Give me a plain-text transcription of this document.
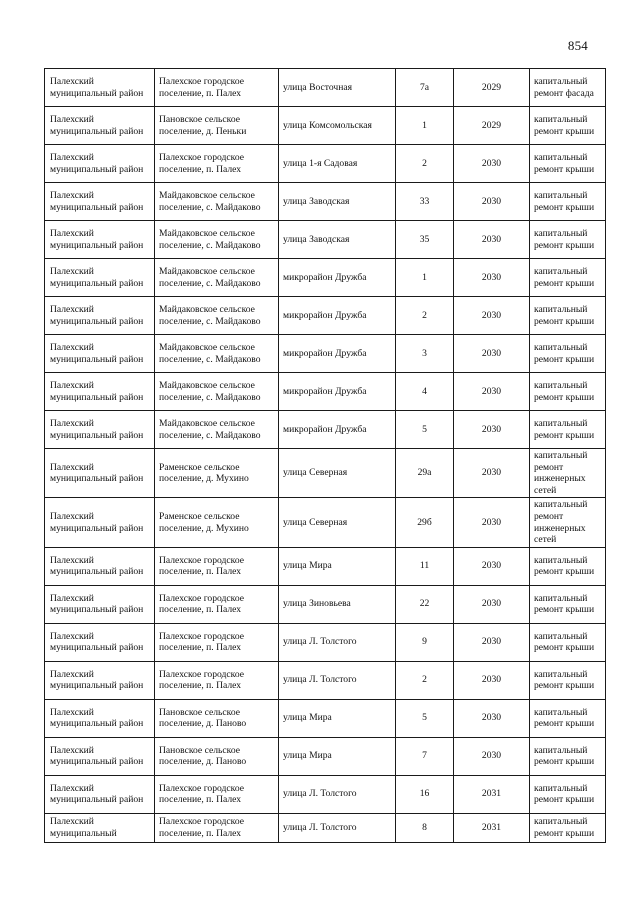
854
Палехский муниципальный район	Палехское городское поселение, п. Палех	улица Восточная	7а	2029	капитальный ремонт фасада
Палехский муниципальный район	Пановское сельское поселение, д. Пеньки	улица Комсомольская	1	2029	капитальный ремонт крыши
Палехский муниципальный район	Палехское городское поселение, п. Палех	улица 1-я Садовая	2	2030	капитальный ремонт крыши
Палехский муниципальный район	Майдаковское сельское поселение, с. Майдаково	улица Заводская	33	2030	капитальный ремонт крыши
Палехский муниципальный район	Майдаковское сельское поселение, с. Майдаково	улица Заводская	35	2030	капитальный ремонт крыши
Палехский муниципальный район	Майдаковское сельское поселение, с. Майдаково	микрорайон Дружба	1	2030	капитальный ремонт крыши
Палехский муниципальный район	Майдаковское сельское поселение, с. Майдаково	микрорайон Дружба	2	2030	капитальный ремонт крыши
Палехский муниципальный район	Майдаковское сельское поселение, с. Майдаково	микрорайон Дружба	3	2030	капитальный ремонт крыши
Палехский муниципальный район	Майдаковское сельское поселение, с. Майдаково	микрорайон Дружба	4	2030	капитальный ремонт крыши
Палехский муниципальный район	Майдаковское сельское поселение, с. Майдаково	микрорайон Дружба	5	2030	капитальный ремонт крыши
Палехский муниципальный район	Раменское сельское поселение, д. Мухино	улица Северная	29а	2030	капитальный ремонт инженерных сетей
Палехский муниципальный район	Раменское сельское поселение, д. Мухино	улица Северная	29б	2030	капитальный ремонт инженерных сетей
Палехский муниципальный район	Палехское городское поселение, п. Палех	улица Мира	11	2030	капитальный ремонт крыши
Палехский муниципальный район	Палехское городское поселение, п. Палех	улица Зиновьева	22	2030	капитальный ремонт крыши
Палехский муниципальный район	Палехское городское поселение, п. Палех	улица Л. Толстого	9	2030	капитальный ремонт крыши
Палехский муниципальный район	Палехское городское поселение, п. Палех	улица Л. Толстого	2	2030	капитальный ремонт крыши
Палехский муниципальный район	Пановское сельское поселение, д. Паново	улица Мира	5	2030	капитальный ремонт крыши
Палехский муниципальный район	Пановское сельское поселение, д. Паново	улица Мира	7	2030	капитальный ремонт крыши
Палехский муниципальный район	Палехское городское поселение, п. Палех	улица Л. Толстого	16	2031	капитальный ремонт крыши
Палехский муниципальный	Палехское городское поселение, п. Палех	улица Л. Толстого	8	2031	капитальный ремонт крыши
